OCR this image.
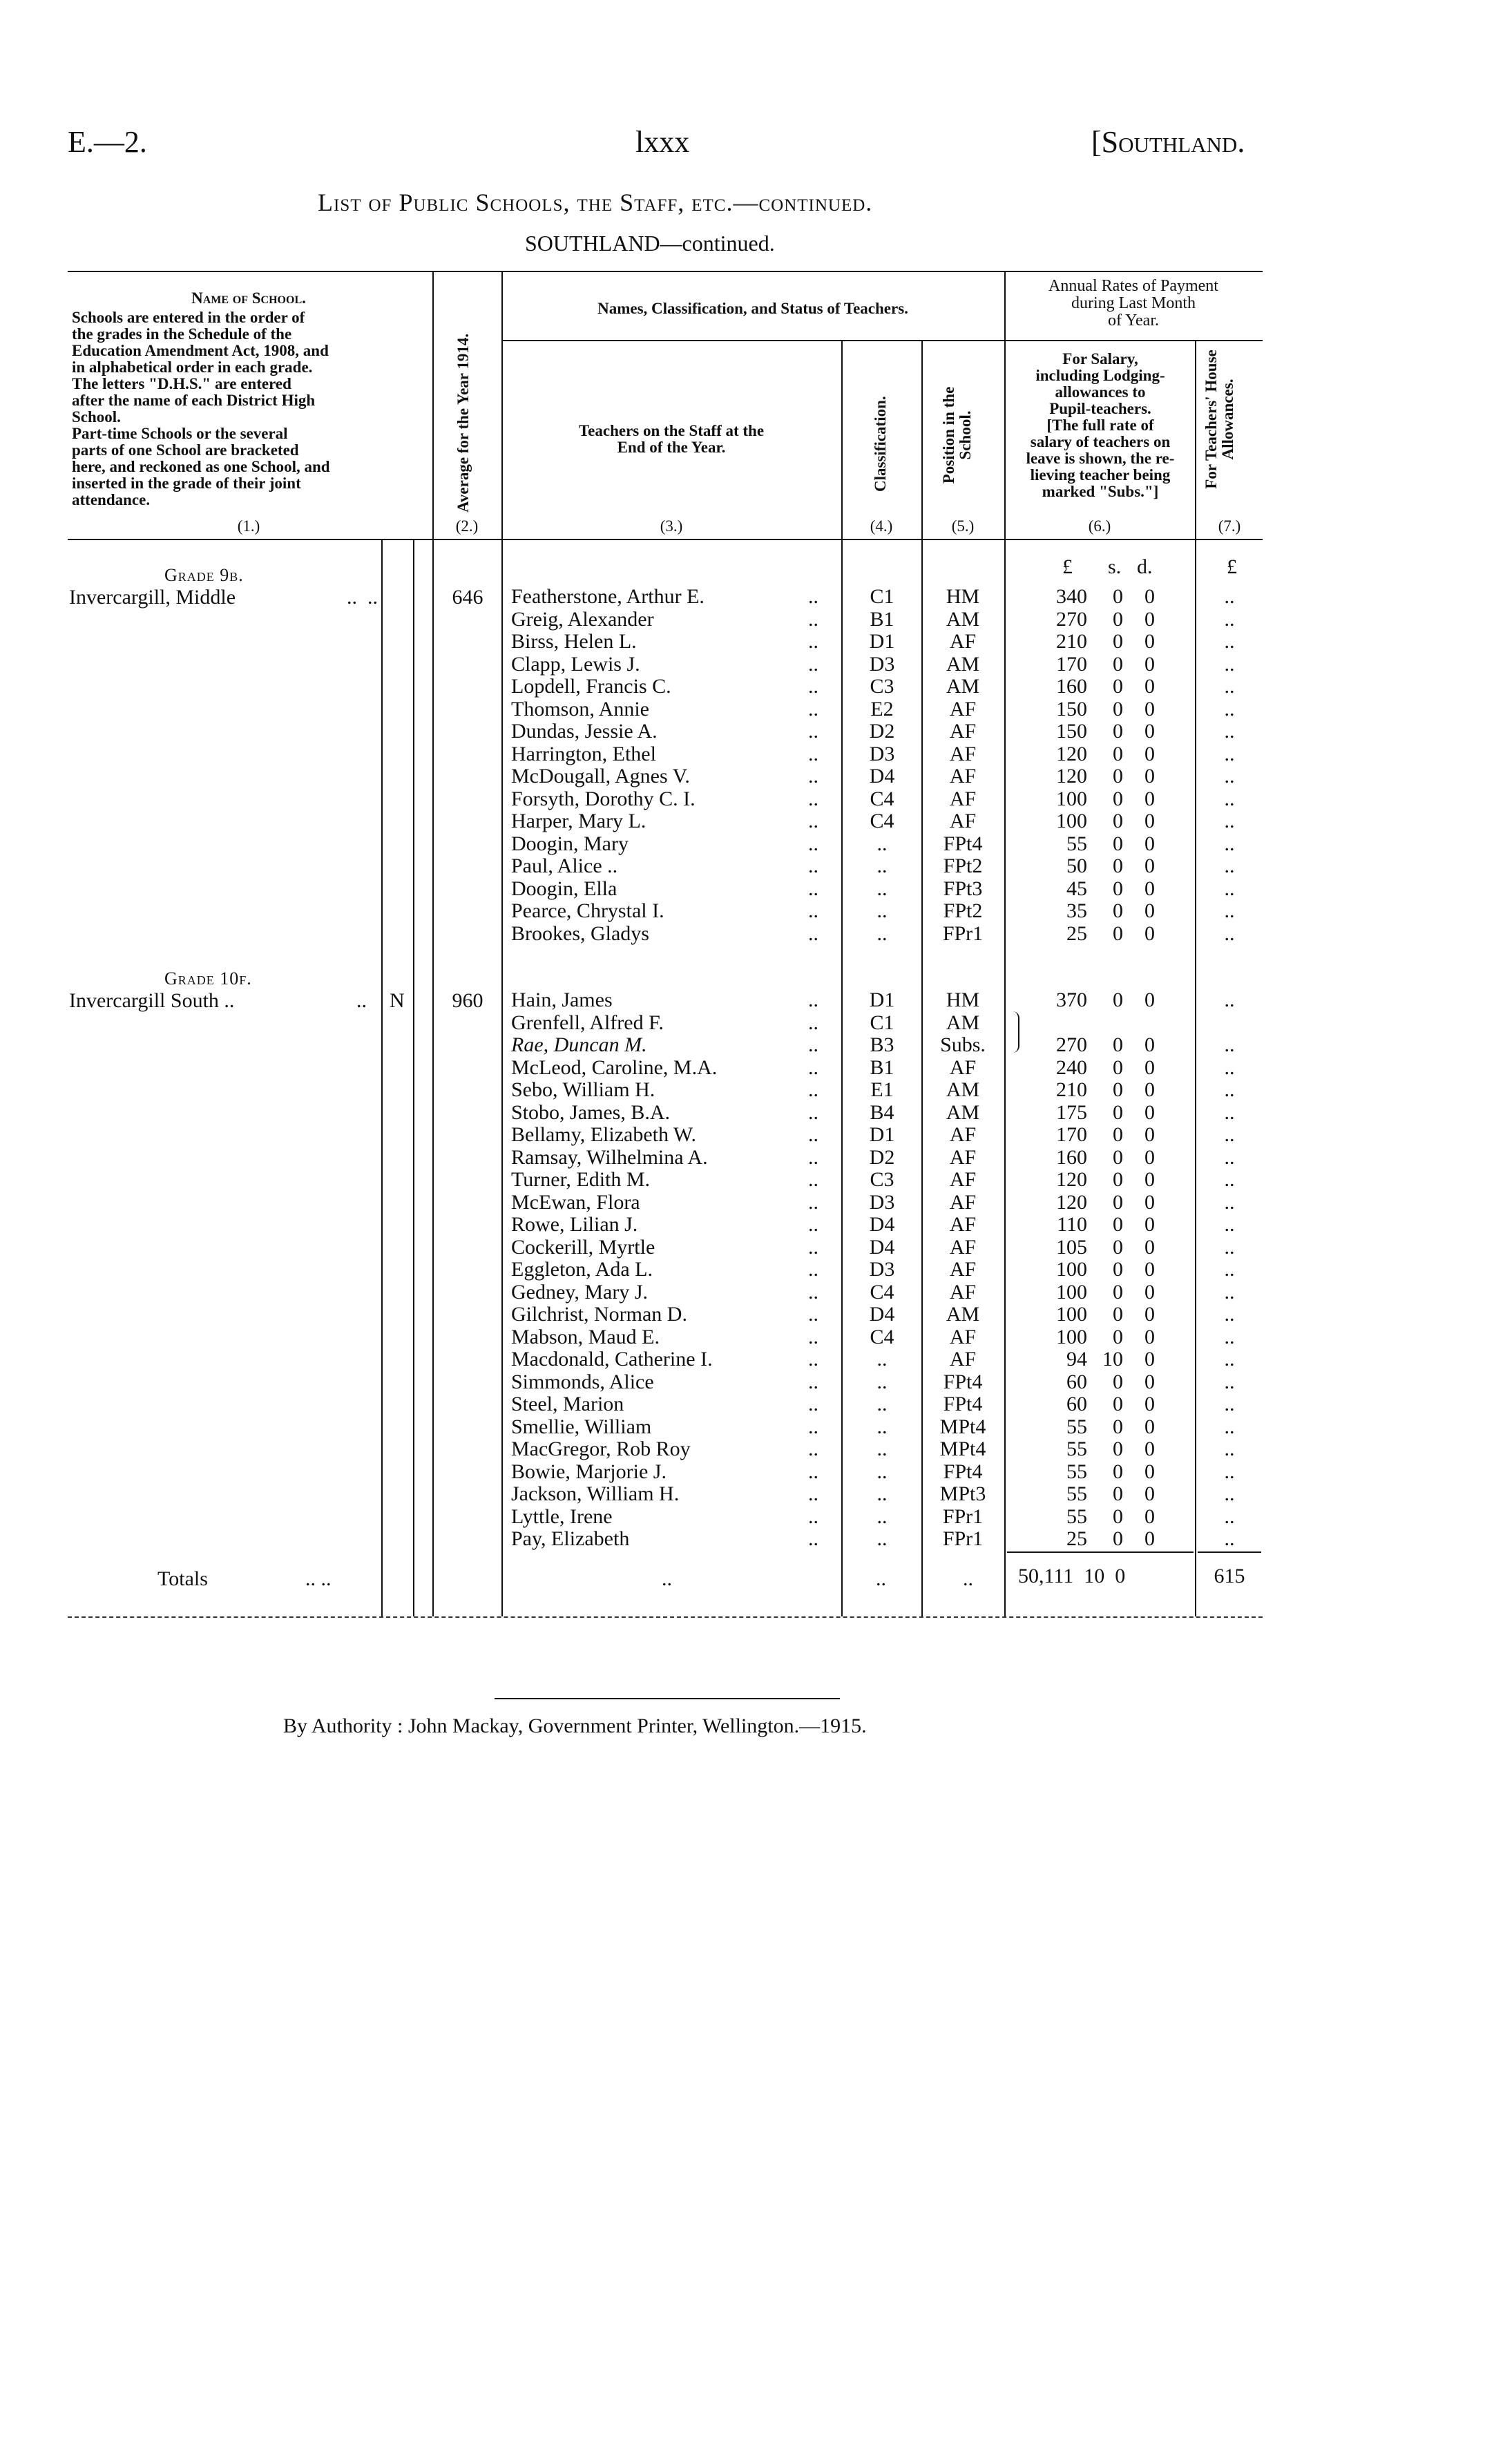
E.—2.	lxxx	[Southland.
List of Public Schools, the Staff, etc.—continued.
SOUTHLAND—continued.
Name of School.
Schools are entered in the order of
the grades in the Schedule of the
Education Amendment Act, 1908, and
in alphabetical order in each grade.
The letters "D.H.S." are entered
after the name of each District High
School.
Part-time Schools or the several
parts of one School are bracketed
here, and reckoned as one School, and
inserted in the grade of their joint
attendance.
(1.)
Average for the Year 1914.
(2.)
Names, Classification, and Status of Teachers.
Teachers on the Staff at the
End of the Year.
(3.)
Classification.
(4.)
Position in the School.
(5.)
Annual Rates of Payment
during Last Month
of Year.
For Salary,
including Lodging-
allowances to
Pupil-teachers.
[The full rate of
salary of teachers on
leave is shown, the re-
lieving teacher being
marked "Subs."]
(6.)
For Teachers' House Allowances.
(7.)
£ s. d.	£
Grade 9b.
Invercargill, Middle	..  ..	646	Featherstone, Arthur E.	..	C1	HM	340	0	0	..
Greig, Alexander	..	B1	AM	270	0	0	..
Birss, Helen L.	..	D1	AF	210	0	0	..
Clapp, Lewis J.	..	D3	AM	170	0	0	..
Lopdell, Francis C.	..	C3	AM	160	0	0	..
Thomson, Annie	..	E2	AF	150	0	0	..
Dundas, Jessie A.	..	D2	AF	150	0	0	..
Harrington, Ethel	..	D3	AF	120	0	0	..
McDougall, Agnes V.	..	D4	AF	120	0	0	..
Forsyth, Dorothy C. I.	..	C4	AF	100	0	0	..
Harper, Mary L.	..	C4	AF	100	0	0	..
Doogin, Mary	..	..	FPt4	55	0	0	..
Paul, Alice ..	..	..	FPt2	50	0	0	..
Doogin, Ella	..	..	FPt3	45	0	0	..
Pearce, Chrystal I.	..	..	FPt2	35	0	0	..
Brookes, Gladys	..	..	FPr1	25	0	0	..
Grade 10f.
Invercargill South ..	.. N	960	Hain, James	..	D1	HM	370	0	0	..
Grenfell, Alfred F.	..	C1	AM
Rae, Duncan M.	..	B3	Subs.	270	0	0	..
McLeod, Caroline, M.A.	..	B1	AF	240	0	0	..
Sebo, William H.	..	E1	AM	210	0	0	..
Stobo, James, B.A.	..	B4	AM	175	0	0	..
Bellamy, Elizabeth W.	..	D1	AF	170	0	0	..
Ramsay, Wilhelmina A.	..	D2	AF	160	0	0	..
Turner, Edith M.	..	C3	AF	120	0	0	..
McEwan, Flora	..	D3	AF	120	0	0	..
Rowe, Lilian J.	..	D4	AF	110	0	0	..
Cockerill, Myrtle	..	D4	AF	105	0	0	..
Eggleton, Ada L.	..	D3	AF	100	0	0	..
Gedney, Mary J.	..	C4	AF	100	0	0	..
Gilchrist, Norman D.	..	D4	AM	100	0	0	..
Mabson, Maud E.	..	C4	AF	100	0	0	..
Macdonald, Catherine I.	..	..	AF	94 10	0	..
Simmonds, Alice	..	..	FPt4	60	0	0	..
Steel, Marion	..	..	FPt4	60	0	0	..
Smellie, William	..	..	MPt4	55	0	0	..
MacGregor, Rob Roy	..	..	MPt4	55	0	0	..
Bowie, Marjorie J.	..	..	FPt4	55	0	0	..
Jackson, William H.	..	..	MPt3	55	0	0	..
Lyttle, Irene	..	..	FPr1	55	0	0	..
Pay, Elizabeth	..	..	FPr1	25	0	0	..
Totals	.. ..	..	..	.. 50,111  10  0	615
By Authority : John Mackay, Government Printer, Wellington.—1915.
